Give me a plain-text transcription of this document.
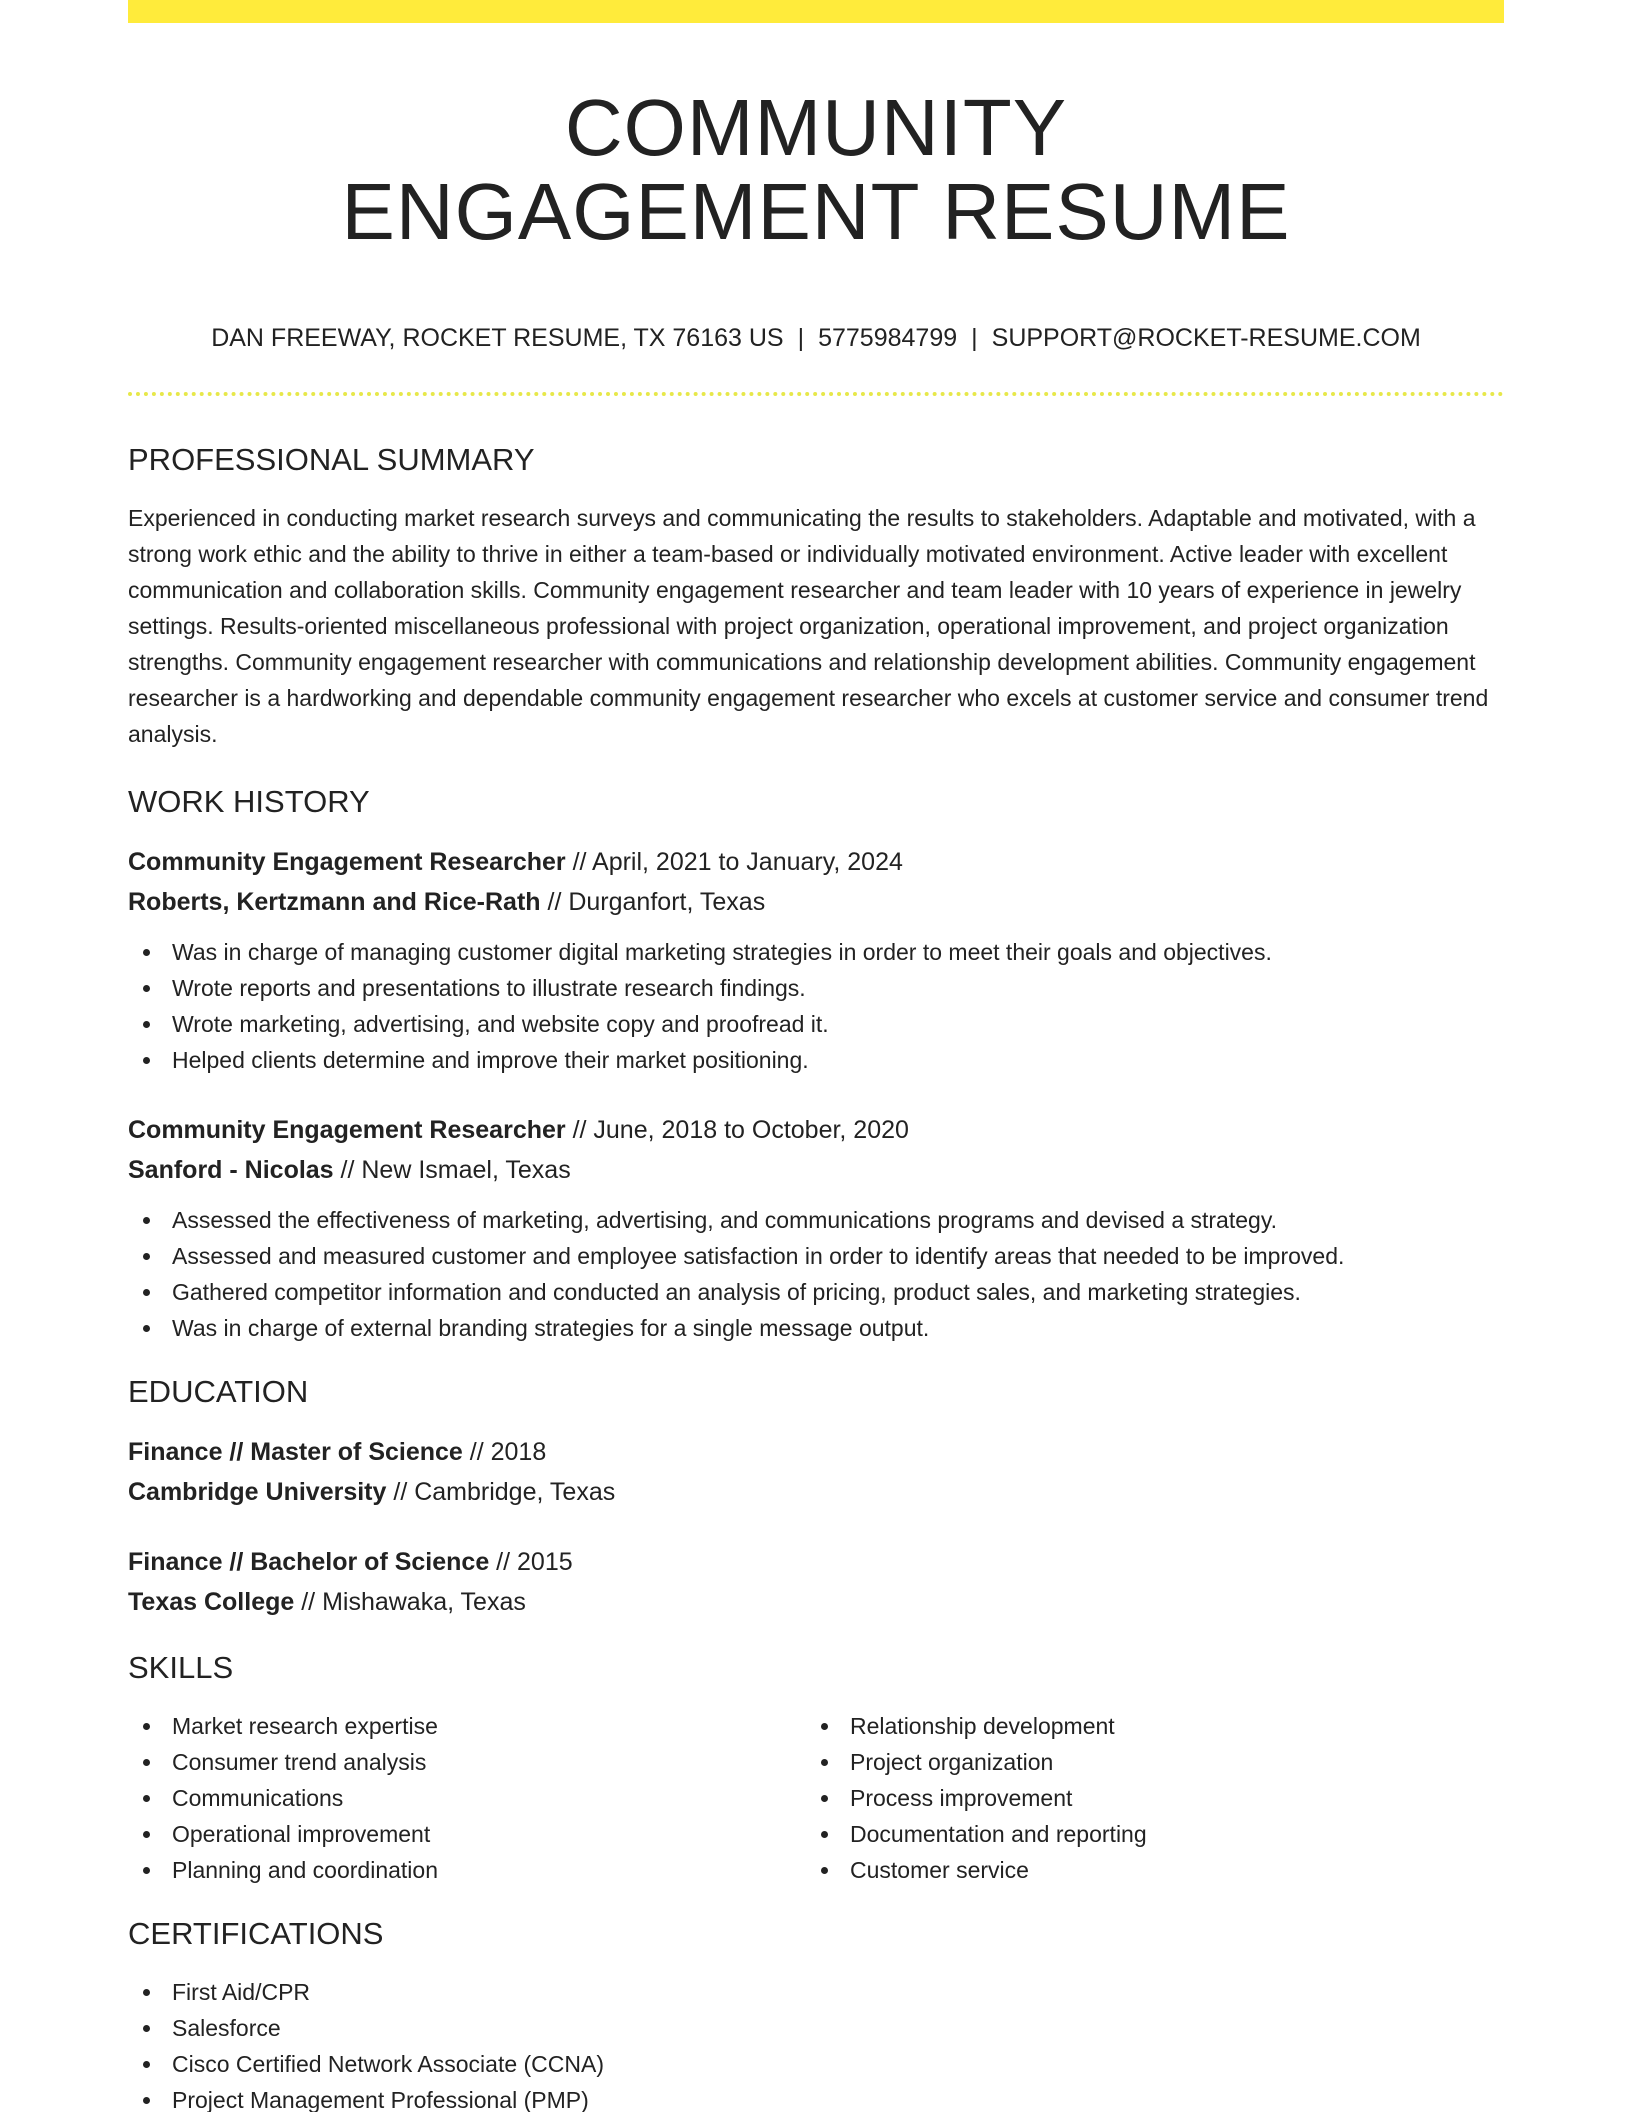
COMMUNITY
ENGAGEMENT RESUME
DAN FREEWAY, ROCKET RESUME, TX 76163 US | 5775984799 | SUPPORT@ROCKET-RESUME.COM
PROFESSIONAL SUMMARY

Experienced in conducting market research surveys and communicating the results to stakeholders. Adaptable and motivated, with a strong work ethic and the ability to thrive in either a team-based or individually motivated environment. Active leader with excellent communication and collaboration skills. Community engagement researcher and team leader with 10 years of experience in jewelry settings. Results-oriented miscellaneous professional with project organization, operational improvement, and project organization strengths. Community engagement researcher with communications and relationship development abilities. Community engagement researcher is a hardworking and dependable community engagement researcher who excels at customer service and consumer trend analysis.

WORK HISTORY
Community Engagement Researcher // April, 2021 to January, 2024
Roberts, Kertzmann and Rice-Rath // Durganfort, Texas
Was in charge of managing customer digital marketing strategies in order to meet their goals and objectives.
Wrote reports and presentations to illustrate research findings.
Wrote marketing, advertising, and website copy and proofread it.
Helped clients determine and improve their market positioning.
Community Engagement Researcher // June, 2018 to October, 2020
Sanford - Nicolas // New Ismael, Texas
Assessed the effectiveness of marketing, advertising, and communications programs and devised a strategy.
Assessed and measured customer and employee satisfaction in order to identify areas that needed to be improved.
Gathered competitor information and conducted an analysis of pricing, product sales, and marketing strategies.
Was in charge of external branding strategies for a single message output.
EDUCATION
Finance // Master of Science // 2018
Cambridge University // Cambridge, Texas
Finance // Bachelor of Science // 2015
Texas College // Mishawaka, Texas
SKILLS
Market research expertise
Consumer trend analysis
Communications
Operational improvement
Planning and coordination
Relationship development
Project organization
Process improvement
Documentation and reporting
Customer service
CERTIFICATIONS
First Aid/CPR
Salesforce
Cisco Certified Network Associate (CCNA)
Project Management Professional (PMP)
